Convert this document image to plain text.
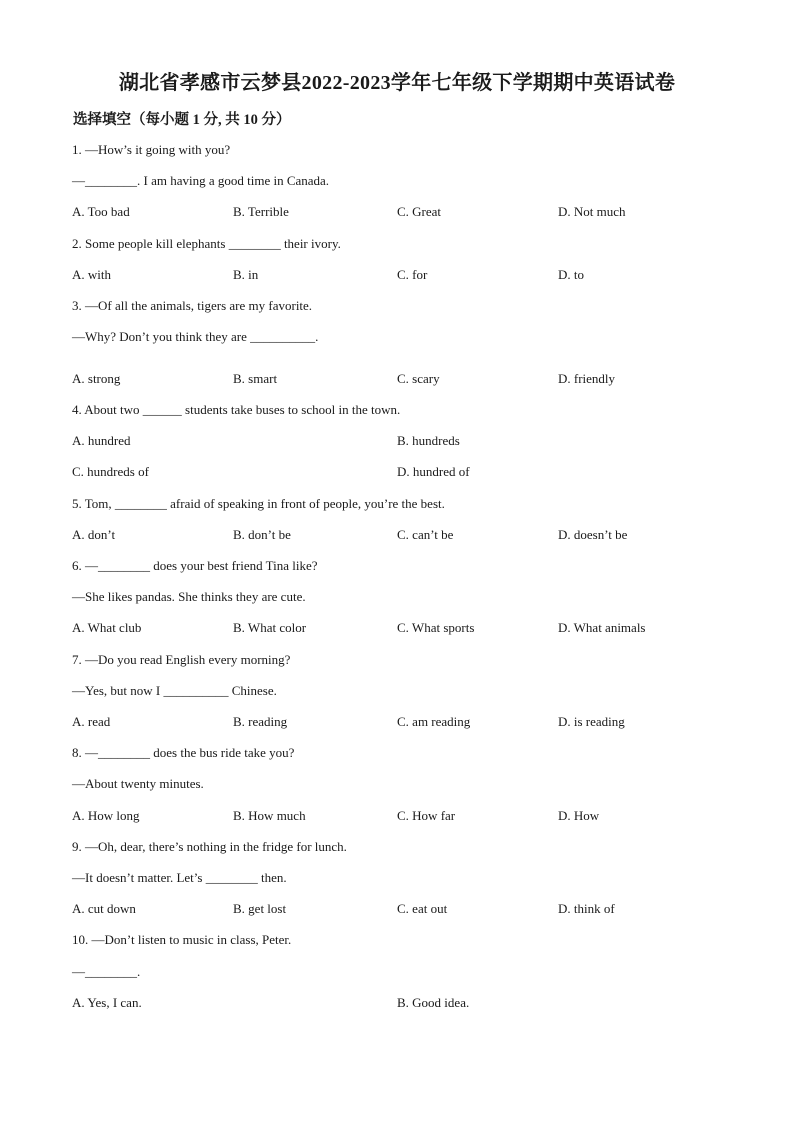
湖北省孝感市云梦县2022-2023学年七年级下学期期中英语试卷
选择填空（每小题 1 分, 共 10 分）
1. —How’s it going with you?
—________. I am having a good time in Canada.
A. Too bad	B. Terrible	C. Great	D. Not much
2. Some people kill elephants ________ their ivory.
A. with	B. in	C. for	D. to
3. —Of all the animals, tigers are my favorite.
—Why? Don’t you think they are __________.
A. strong	B. smart	C. scary	D. friendly
4. About two ______ students take buses to school in the town.
A. hundred	B. hundreds
C. hundreds of	D. hundred of
5. Tom, ________ afraid of speaking in front of people, you’re the best.
A. don’t	B. don’t be	C. can’t be	D. doesn’t be
6. —________ does your best friend Tina like?
—She likes pandas. She thinks they are cute.
A. What club	B. What color	C. What sports	D. What animals
7. —Do you read English every morning?
—Yes, but now I __________ Chinese.
A. read	B. reading	C. am reading	D. is reading
8. —________ does the bus ride take you?
—About twenty minutes.
A. How long	B. How much	C. How far	D. How
9. —Oh, dear, there’s nothing in the fridge for lunch.
—It doesn’t matter. Let’s ________ then.
A. cut down	B. get lost	C. eat out	D. think of
10. —Don’t listen to music in class, Peter.
—________.
A. Yes, I can.	B. Good idea.
